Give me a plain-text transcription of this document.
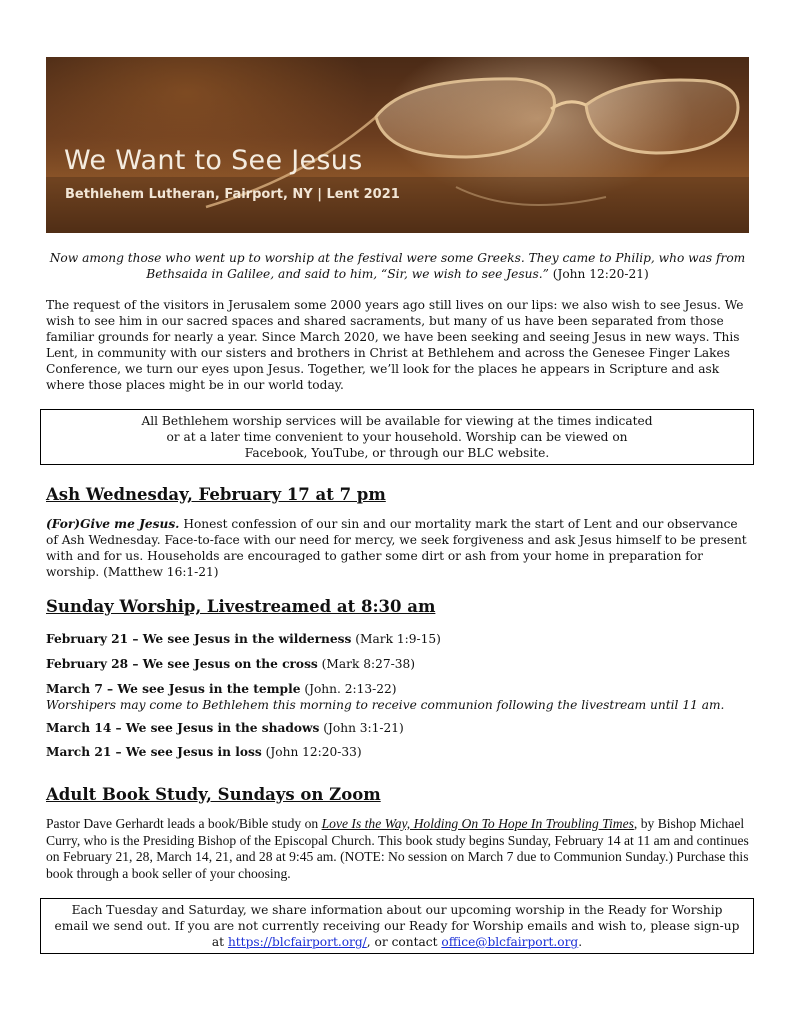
We Want to See Jesus
Bethlehem Lutheran, Fairport, NY | Lent 2021
Now among those who went up to worship at the festival were some Greeks. They came to Philip, who was from Bethsaida in Galilee, and said to him, “Sir, we wish to see Jesus.” (John 12:20-21)
The request of the visitors in Jerusalem some 2000 years ago still lives on our lips: we also wish to see Jesus. We wish to see him in our sacred spaces and shared sacraments, but many of us have been separated from those familiar grounds for nearly a year. Since March 2020, we have been seeking and seeing Jesus in new ways. This Lent, in community with our sisters and brothers in Christ at Bethlehem and across the Genesee Finger Lakes Conference, we turn our eyes upon Jesus. Together, we’ll look for the places he appears in Scripture and ask where those places might be in our world today.
All Bethlehem worship services will be available for viewing at the times indicated
or at a later time convenient to your household. Worship can be viewed on
Facebook, YouTube, or through our BLC website.
Ash Wednesday, February 17 at 7 pm
(For)Give me Jesus. Honest confession of our sin and our mortality mark the start of Lent and our observance of Ash Wednesday. Face-to-face with our need for mercy, we seek forgiveness and ask Jesus himself to be present with and for us. Households are encouraged to gather some dirt or ash from your home in preparation for worship. (Matthew 16:1-21)
Sunday Worship, Livestreamed at 8:30 am
February 21 – We see Jesus in the wilderness (Mark 1:9-15)
February 28 – We see Jesus on the cross (Mark 8:27-38)
March 7 – We see Jesus in the temple (John. 2:13-22)
Worshipers may come to Bethlehem this morning to receive communion following the livestream until 11 am.
March 14 – We see Jesus in the shadows (John 3:1-21)
March 21 – We see Jesus in loss (John 12:20-33)
Adult Book Study, Sundays on Zoom
Pastor Dave Gerhardt leads a book/Bible study on Love Is the Way, Holding On To Hope In Troubling Times, by Bishop Michael Curry, who is the Presiding Bishop of the Episcopal Church. This book study begins Sunday, February 14 at 11 am and continues on February 21, 28, March 14, 21, and 28 at 9:45 am. (NOTE: No session on March 7 due to Communion Sunday.) Purchase this book through a book seller of your choosing.
Each Tuesday and Saturday, we share information about our upcoming worship in the Ready for Worship
email we send out. If you are not currently receiving our Ready for Worship emails and wish to, please sign-up
at https://blcfairport.org/, or contact office@blcfairport.org.
